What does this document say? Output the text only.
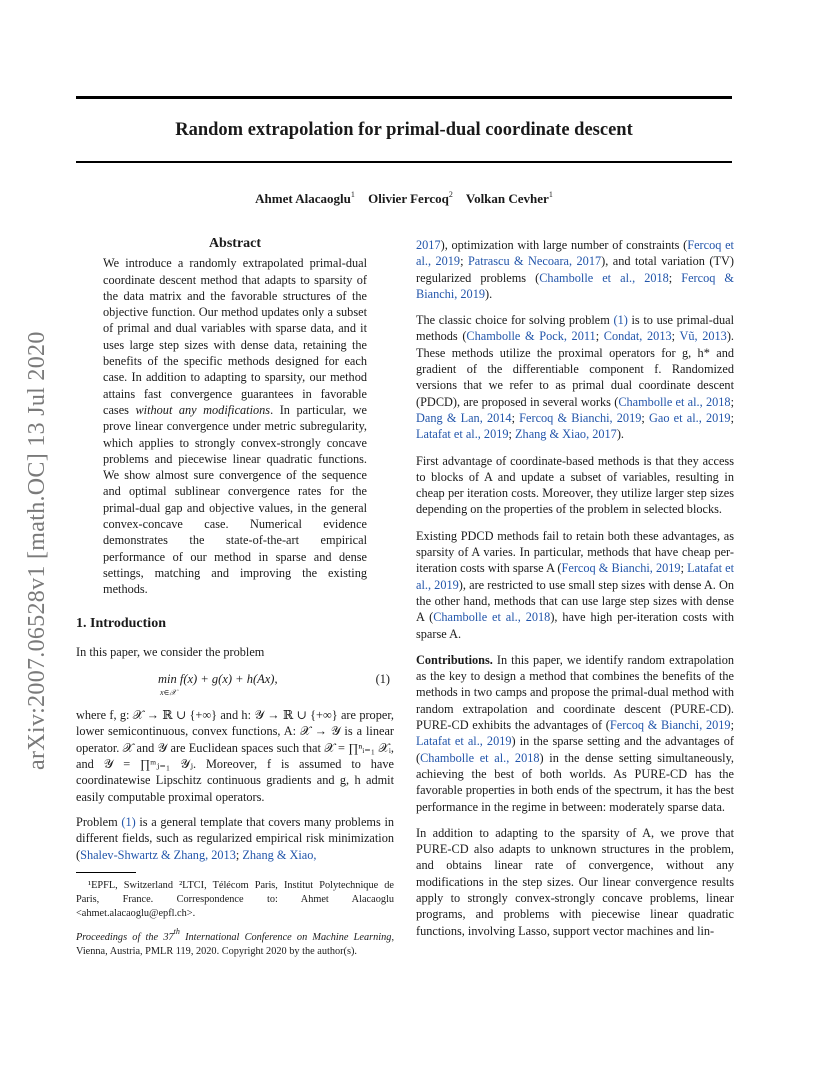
Random extrapolation for primal-dual coordinate descent
Ahmet Alacaoglu$^1$ Olivier Fercoq$^2$ Volkan Cevher$^1$
arXiv:2007.06528v1 [math.OC] 13 Jul 2020
Abstract
We introduce a randomly extrapolated primal-dual coordinate descent method that adapts to sparsity of the data matrix and the favorable structures of the objective function. Our method updates only a subset of primal and dual variables with sparse data, and it uses large step sizes with dense data, retaining the benefits of the specific methods designed for each case. In addition to adapting to sparsity, our method attains fast convergence guarantees in favorable cases without any modifications. In particular, we prove linear convergence under metric subregularity, which applies to strongly convex-strongly concave problems and piecewise linear quadratic functions. We show almost sure convergence of the sequence and optimal sublinear convergence rates for the primal-dual gap and objective values, in the general convex-concave case. Numerical evidence demonstrates the state-of-the-art empirical performance of our method in sparse and dense settings, matching and improving the existing methods.
1. Introduction

In this paper, we consider the problem

min f(x) + g(x) + h(Ax),
x∈𝒳
(1)

where f, g: 𝒳 → ℝ ∪ {+∞} and h: 𝒴 → ℝ ∪ {+∞} are proper, lower semicontinuous, convex functions, A: 𝒳 → 𝒴 is a linear operator. 𝒳 and 𝒴 are Euclidean spaces such that 𝒳 = ∏ⁿᵢ₌₁ 𝒳ᵢ, and 𝒴 = ∏ᵐⱼ₌₁ 𝒴ⱼ. Moreover, f is assumed to have coordinatewise Lipschitz continuous gradients and g, h admit easily computable proximal operators.

Problem (1) is a general template that covers many problems in different fields, such as regularized empirical risk minimization (Shalev-Shwartz & Zhang, 2013; Zhang & Xiao,

¹EPFL, Switzerland ²LTCI, Télécom Paris, Institut Polytechnique de Paris, France. Correspondence to: Ahmet Alacaoglu <ahmet.alacaoglu@epfl.ch>.

Proceedings of the 37th International Conference on Machine Learning, Vienna, Austria, PMLR 119, 2020. Copyright 2020 by the author(s).

2017), optimization with large number of constraints (Fercoq et al., 2019; Patrascu & Necoara, 2017), and total variation (TV) regularized problems (Chambolle et al., 2018; Fercoq & Bianchi, 2019).

The classic choice for solving problem (1) is to use primal-dual methods (Chambolle & Pock, 2011; Condat, 2013; Vũ, 2013). These methods utilize the proximal operators for g, h* and gradient of the differentiable component f. Randomized versions that we refer to as primal dual coordinate descent (PDCD), are proposed in several works (Chambolle et al., 2018; Dang & Lan, 2014; Fercoq & Bianchi, 2019; Gao et al., 2019; Latafat et al., 2019; Zhang & Xiao, 2017).

First advantage of coordinate-based methods is that they access to blocks of A and update a subset of variables, resulting in cheap per iteration costs. Moreover, they utilize larger step sizes depending on the properties of the problem in selected blocks.

Existing PDCD methods fail to retain both these advantages, as sparsity of A varies. In particular, methods that have cheap per-iteration costs with sparse A (Fercoq & Bianchi, 2019; Latafat et al., 2019), are restricted to use small step sizes with dense A. On the other hand, methods that can use large step sizes with dense A (Chambolle et al., 2018), have high per-iteration costs with sparse A.

Contributions. In this paper, we identify random extrapolation as the key to design a method that combines the benefits of the methods in two camps and propose the primal-dual method with random extrapolation and coordinate descent (PURE-CD). PURE-CD exhibits the advantages of (Fercoq & Bianchi, 2019; Latafat et al., 2019) in the sparse setting and the advantages of (Chambolle et al., 2018) in the dense setting simultaneously, achieving the best of both worlds. As PURE-CD has the favorable properties in both ends of the spectrum, it has the best performance in the regime in between: moderately sparse data.

In addition to adapting to the sparsity of A, we prove that PURE-CD also adapts to unknown structures in the problem, and obtains linear rate of convergence, without any modifications in the step sizes. Our linear convergence results apply to strongly convex-strongly concave problems, linear programs, and problems with piecewise linear quadratic functions, involving Lasso, support vector machines and lin-
